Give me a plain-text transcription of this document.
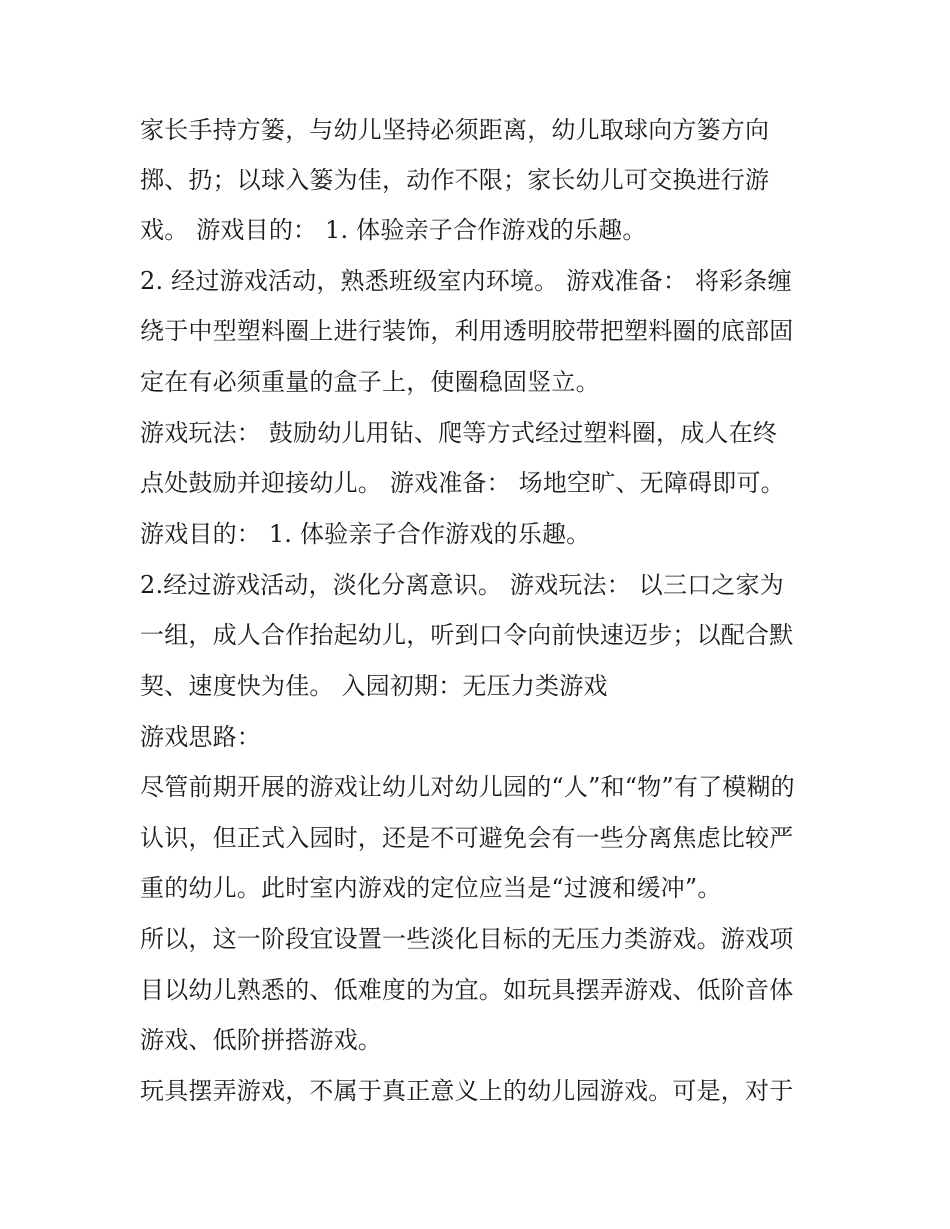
家长手持方篓，与幼儿坚持必须距离，幼儿取球向方篓方向
掷、扔；以球入篓为佳，动作不限；家长幼儿可交换进行游
戏。 游戏目的： 1. 体验亲子合作游戏的乐趣。
2. 经过游戏活动，熟悉班级室内环境。 游戏准备： 将彩条缠
绕于中型塑料圈上进行装饰，利用透明胶带把塑料圈的底部固
定在有必须重量的盒子上，使圈稳固竖立。
游戏玩法： 鼓励幼儿用钻、爬等方式经过塑料圈，成人在终
点处鼓励并迎接幼儿。 游戏准备： 场地空旷、无障碍即可。
游戏目的： 1. 体验亲子合作游戏的乐趣。
2.经过游戏活动，淡化分离意识。 游戏玩法： 以三口之家为
一组，成人合作抬起幼儿，听到口令向前快速迈步；以配合默
契、速度快为佳。 入园初期：无压力类游戏
游戏思路：
尽管前期开展的游戏让幼儿对幼儿园的“人”和“物”有了模糊的
认识，但正式入园时，还是不可避免会有一些分离焦虑比较严
重的幼儿。此时室内游戏的定位应当是“过渡和缓冲”。
所以，这一阶段宜设置一些淡化目标的无压力类游戏。游戏项
目以幼儿熟悉的、低难度的为宜。如玩具摆弄游戏、低阶音体
游戏、低阶拼搭游戏。
玩具摆弄游戏，不属于真正意义上的幼儿园游戏。可是，对于
